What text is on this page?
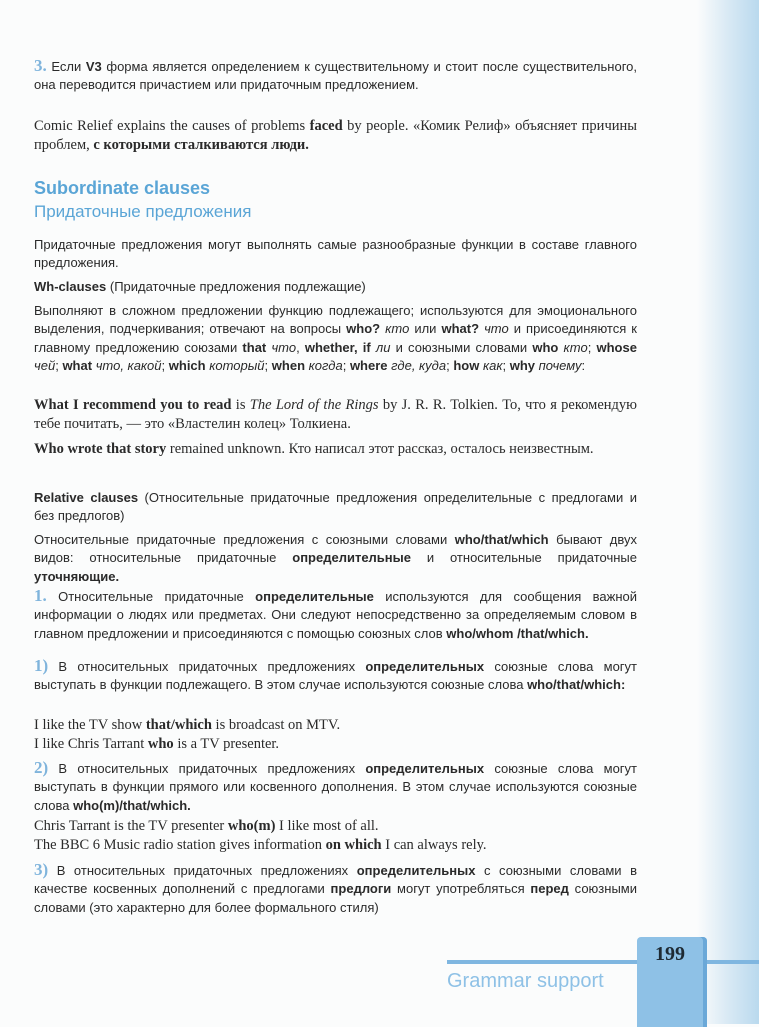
Subordinate clauses
Придаточные предложения
3. Если V3 форма является определением к существительному и стоит после существительного, она переводится причастием или придаточным предложением.
Comic Relief explains the causes of problems faced by people. «Комик Релиф» объясняет причины проблем, с которыми сталкиваются люди.
Придаточные предложения могут выполнять самые разнообразные функции в составе главного предложения.
Wh-clauses (Придаточные предложения подлежащие)
Выполняют в сложном предложении функцию подлежащего; используются для эмоционального выделения, подчеркивания; отвечают на вопросы who? кто или what? что и присоединяются к главному предложению союзами that что, whether, if ли и союзными словами who кто; whose чей; what что, какой; which который; when когда; where где, куда; how как; why почему:
What I recommend you to read is The Lord of the Rings by J. R. R. Tolkien. То, что я рекомендую тебе почитать, — это «Властелин колец» Толкиена.
Who wrote that story remained unknown. Кто написал этот рассказ, осталось неизвестным.
Relative clauses (Относительные придаточные предложения определительные с предлогами и без предлогов)
Относительные придаточные предложения с союзными словами who/that/which бывают двух видов: относительные придаточные определительные и относительные придаточные уточняющие.
1. Относительные придаточные определительные используются для сообщения важной информации о людях или предметах. Они следуют непосредственно за определяемым словом в главном предложении и присоединяются с помощью союзных слов who/whom /that/which.
1) В относительных придаточных предложениях определительных союзные слова могут выступать в функции подлежащего. В этом случае используются союзные слова who/that/which:
I like the TV show that/which is broadcast on MTV.
I like Chris Tarrant who is a TV presenter.
2) В относительных придаточных предложениях определительных союзные слова могут выступать в функции прямого или косвенного дополнения. В этом случае используются союзные слова who(m)/that/which.
Chris Tarrant is the TV presenter who(m) I like most of all.
The BBC 6 Music radio station gives information on which I can always rely.
3) В относительных придаточных предложениях определительных с союзными словами в качестве косвенных дополнений с предлогами предлоги могут употребляться перед союзными словами (это характерно для более формального стиля)
199
Grammar support
